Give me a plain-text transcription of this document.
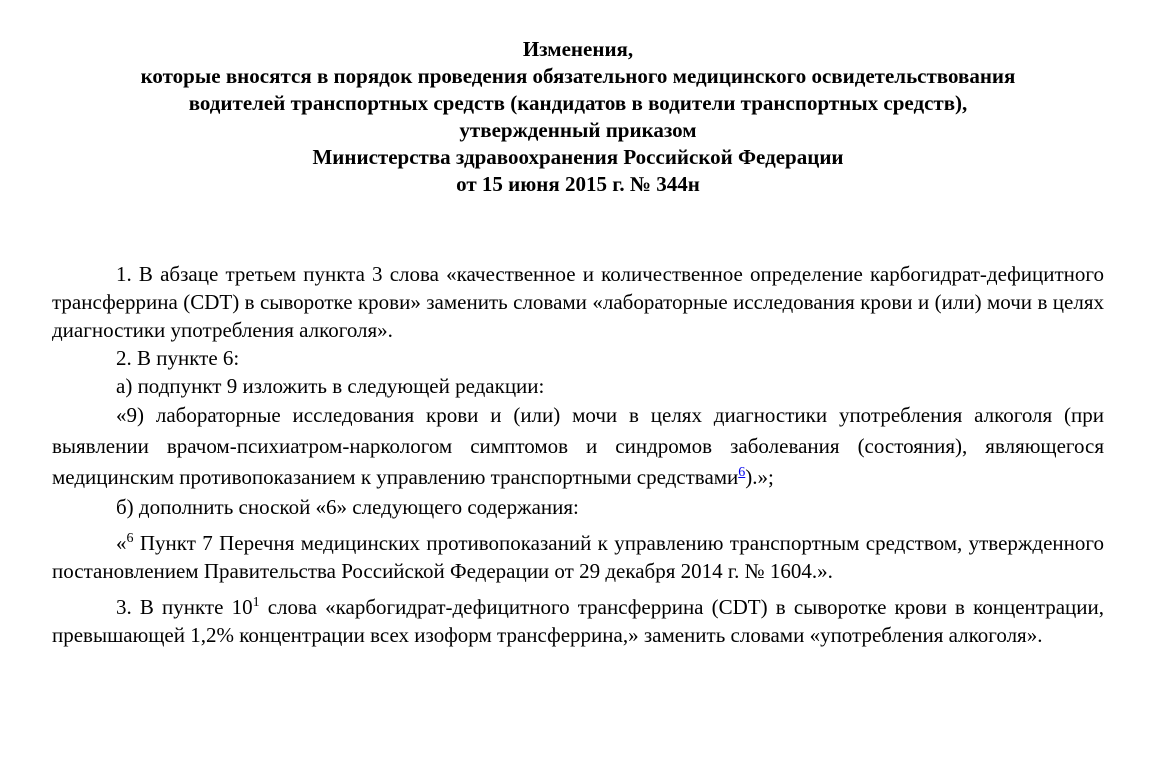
Изменения,
которые вносятся в порядок проведения обязательного медицинского освидетельствования
водителей транспортных средств (кандидатов в водители транспортных средств),
утвержденный приказом
Министерства здравоохранения Российской Федерации
от 15 июня 2015 г. № 344н

1. В абзаце третьем пункта 3 слова «качественное и количественное определение карбогидрат-дефицитного трансферрина (CDT) в сыворотке крови» заменить словами «лабораторные исследования крови и (или) мочи в целях диагностики употребления алкоголя».

2. В пункте 6:

а) подпункт 9 изложить в следующей редакции:

«9) лабораторные исследования крови и (или) мочи в целях диагностики употребления алкоголя (при выявлении врачом-психиатром-наркологом симптомов и синдромов заболевания (состояния), являющегося медицинским противопоказанием к управлению транспортными средствами$^6$).»;

б) дополнить сноской «6» следующего содержания:

«$^6$ Пункт 7 Перечня медицинских противопоказаний к управлению транспортным средством, утвержденного постановлением Правительства Российской Федерации от 29 декабря 2014 г. № 1604.».

3. В пункте $10^1$ слова «карбогидрат-дефицитного трансферрина (CDT) в сыворотке крови в концентрации, превышающей 1,2% концентрации всех изоформ трансферрина,» заменить словами «употребления алкоголя».
